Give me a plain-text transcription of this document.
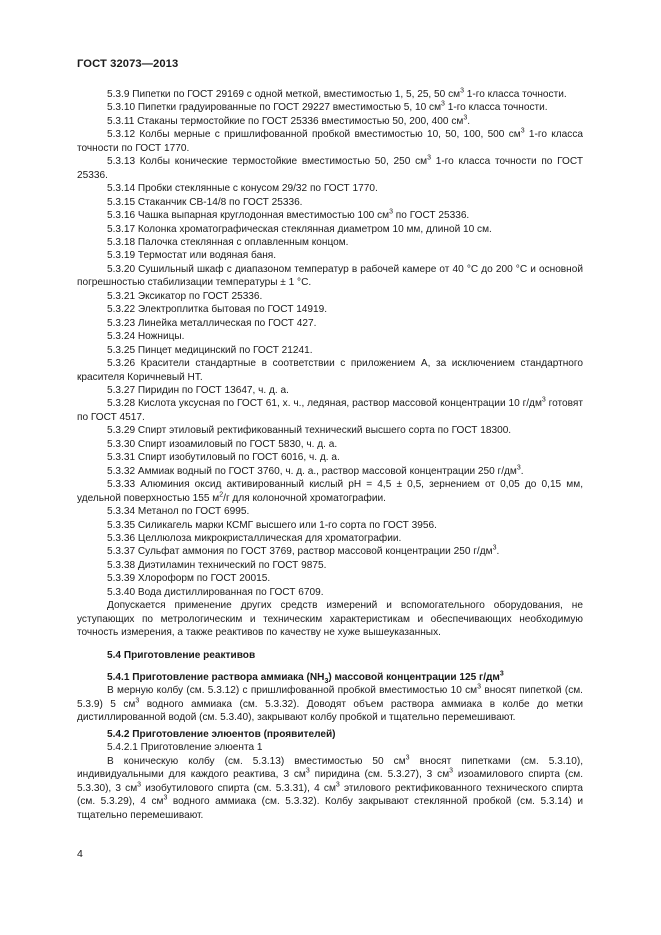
ГОСТ 32073—2013

5.3.9 Пипетки по ГОСТ 29169 с одной меткой, вместимостью 1, 5, 25, 50 $см^3$ 1-го класса точности.

5.3.10 Пипетки градуированные по ГОСТ 29227 вместимостью 5, 10 $см^3$ 1-го класса точности.

5.3.11 Стаканы термостойкие по ГОСТ 25336 вместимостью 50, 200, 400 $см^3$.

5.3.12 Колбы мерные с пришлифованной пробкой вместимостью 10, 50, 100, 500 $см^3$ 1-го класса точности по ГОСТ 1770.

5.3.13 Колбы конические термостойкие вместимостью 50, 250 $см^3$ 1-го класса точности по ГОСТ 25336.

5.3.14 Пробки стеклянные с конусом 29/32 по ГОСТ 1770.

5.3.15 Стаканчик СВ-14/8 по ГОСТ 25336.

5.3.16 Чашка выпарная круглодонная вместимостью 100 $см^3$ по ГОСТ 25336.

5.3.17 Колонка хроматографическая стеклянная диаметром 10 мм, длиной 10 см.

5.3.18 Палочка стеклянная с оплавленным концом.

5.3.19 Термостат или водяная баня.

5.3.20 Сушильный шкаф с диапазоном температур в рабочей камере от 40 °С до 200 °С и основной погрешностью стабилизации температуры ± 1 °С.

5.3.21 Эксикатор по ГОСТ 25336.

5.3.22 Электроплитка бытовая по ГОСТ 14919.

5.3.23 Линейка металлическая по ГОСТ 427.

5.3.24 Ножницы.

5.3.25 Пинцет медицинский по ГОСТ 21241.

5.3.26 Красители стандартные в соответствии с приложением А, за исключением стандартного красителя Коричневый НТ.

5.3.27 Пиридин по ГОСТ 13647, ч. д. а.

5.3.28 Кислота уксусная по ГОСТ 61, х. ч., ледяная, раствор массовой концентрации 10 $г/дм^3$ готовят по ГОСТ 4517.

5.3.29 Спирт этиловый ректификованный технический высшего сорта по ГОСТ 18300.

5.3.30 Спирт изоамиловый по ГОСТ 5830, ч. д. а.

5.3.31 Спирт изобутиловый по ГОСТ 6016, ч. д. а.

5.3.32 Аммиак водный по ГОСТ 3760, ч. д. а., раствор массовой концентрации 250 $г/дм^3$.

5.3.33 Алюминия оксид активированный кислый рН = 4,5 ± 0,5, зернением от 0,05 до 0,15 мм, удельной поверхностью 155 $м^2/г$ для колоночной хроматографии.

5.3.34 Метанол по ГОСТ 6995.

5.3.35 Силикагель марки КСМГ высшего или 1-го сорта по ГОСТ 3956.

5.3.36 Целлюлоза микрокристаллическая для хроматографии.

5.3.37 Сульфат аммония по ГОСТ 3769, раствор массовой концентрации 250 $г/дм^3$.

5.3.38 Диэтиламин технический по ГОСТ 9875.

5.3.39 Хлороформ по ГОСТ 20015.

5.3.40 Вода дистиллированная по ГОСТ 6709.

Допускается применение других средств измерений и вспомогательного оборудования, не уступающих по метрологическим и техническим характеристикам и обеспечивающих необходимую точность измерения, а также реактивов по качеству не хуже вышеуказанных.

5.4 Приготовление реактивов
5.4.1 Приготовление раствора аммиака $(NH_3)$ массовой концентрации 125 $г/дм^3$

В мерную колбу (см. 5.3.12) с пришлифованной пробкой вместимостью 10 $см^3$ вносят пипеткой (см. 5.3.9) 5 $см^3$ водного аммиака (см. 5.3.32). Доводят объем раствора аммиака в колбе до метки дистиллированной водой (см. 5.3.40), закрывают колбу пробкой и тщательно перемешивают.

5.4.2 Приготовление элюентов (проявителей)

5.4.2.1 Приготовление элюента 1

В коническую колбу (см. 5.3.13) вместимостью 50 $см^3$ вносят пипетками (см. 5.3.10), индивидуальными для каждого реактива, 3 $см^3$ пиридина (см. 5.3.27), 3 $см^3$ изоамилового спирта (см. 5.3.30), 3 $см^3$ изобутилового спирта (см. 5.3.31), 4 $см^3$ этилового ректификованного технического спирта (см. 5.3.29), 4 $см^3$ водного аммиака (см. 5.3.32). Колбу закрывают стеклянной пробкой (см. 5.3.14) и тщательно перемешивают.

4
